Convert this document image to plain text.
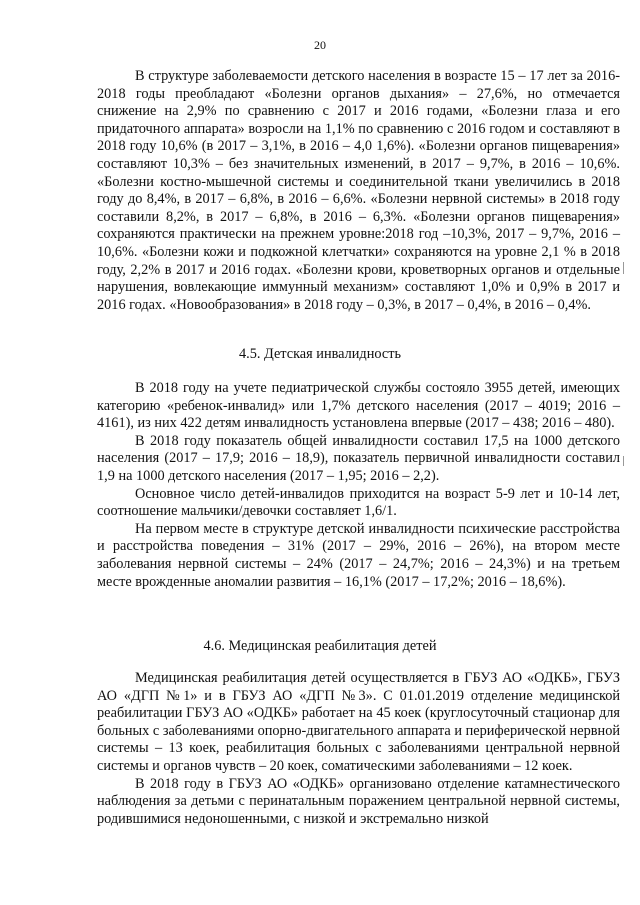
20

В структуре заболеваемости детского населения в возрасте 15 – 17 лет за 2016-2018 годы преобладают «Болезни органов дыхания» – 27,6%, но отмечается снижение на 2,9% по сравнению с 2017 и 2016 годами, «Болезни глаза и его придаточного аппарата» возросли на 1,1% по сравнению с 2016 годом и составляют в 2018 году 10,6% (в 2017 – 3,1%, в 2016 – 4,0 1,6%). «Болезни органов пищеварения» составляют 10,3% – без значительных изменений, в 2017 – 9,7%, в 2016 – 10,6%. «Болезни костно-мышечной системы и соединительной ткани увеличились в 2018 году до 8,4%, в 2017 – 6,8%, в 2016 – 6,6%. «Болезни нервной системы» в 2018 году составили 8,2%, в 2017 – 6,8%, в 2016 – 6,3%. «Болезни органов пищеварения» сохраняются практически на прежнем уровне:2018 год –10,3%, 2017 – 9,7%, 2016 – 10,6%. «Болезни кожи и подкожной клетчатки» сохраняются на уровне 2,1 % в 2018 году, 2,2% в 2017 и 2016 годах. «Болезни крови, кроветворных органов и отдельные нарушения, вовлекающие иммунный механизм» составляют 1,0% и 0,9% в 2017 и 2016 годах. «Новообразования» в 2018 году – 0,3%, в 2017 – 0,4%, в 2016 – 0,4%.

4.5. Детская инвалидность

В 2018 году на учете педиатрической службы состояло 3955 детей, имеющих категорию «ребенок-инвалид» или 1,7% детского населения (2017 – 4019; 2016 – 4161), из них 422 детям инвалидность установлена впервые (2017 – 438; 2016 – 480).

В 2018 году показатель общей инвалидности составил 17,5 на 1000 детского населения (2017 – 17,9; 2016 – 18,9), показатель первичной инвалидности составил 1,9 на 1000 детского населения (2017 – 1,95; 2016 – 2,2).

Основное число детей-инвалидов приходится на возраст 5-9 лет и 10-14 лет, соотношение мальчики/девочки составляет 1,6/1.

На первом месте в структуре детской инвалидности психические расстройства и расстройства поведения – 31% (2017 – 29%, 2016 – 26%), на втором месте заболевания нервной системы – 24% (2017 – 24,7%; 2016 – 24,3%) и на третьем месте врожденные аномалии развития – 16,1% (2017 – 17,2%; 2016 – 18,6%).

4.6. Медицинская реабилитация детей

Медицинская реабилитация детей осуществляется в ГБУЗ АО «ОДКБ», ГБУЗ АО «ДГП №1» и в ГБУЗ АО «ДГП №3». С 01.01.2019 отделение медицинской реабилитации ГБУЗ АО «ОДКБ» работает на 45 коек (круглосуточный стационар для больных с заболеваниями опорно-двигательного аппарата и периферической нервной системы – 13 коек, реабилитация больных с заболеваниями центральной нервной системы и органов чувств – 20 коек, соматическими заболеваниями – 12 коек.

В 2018 году в ГБУЗ АО «ОДКБ» организовано отделение катамнестического наблюдения за детьми с перинатальным поражением центральной нервной системы, родившимися недоношенными, с низкой и экстремально низкой
